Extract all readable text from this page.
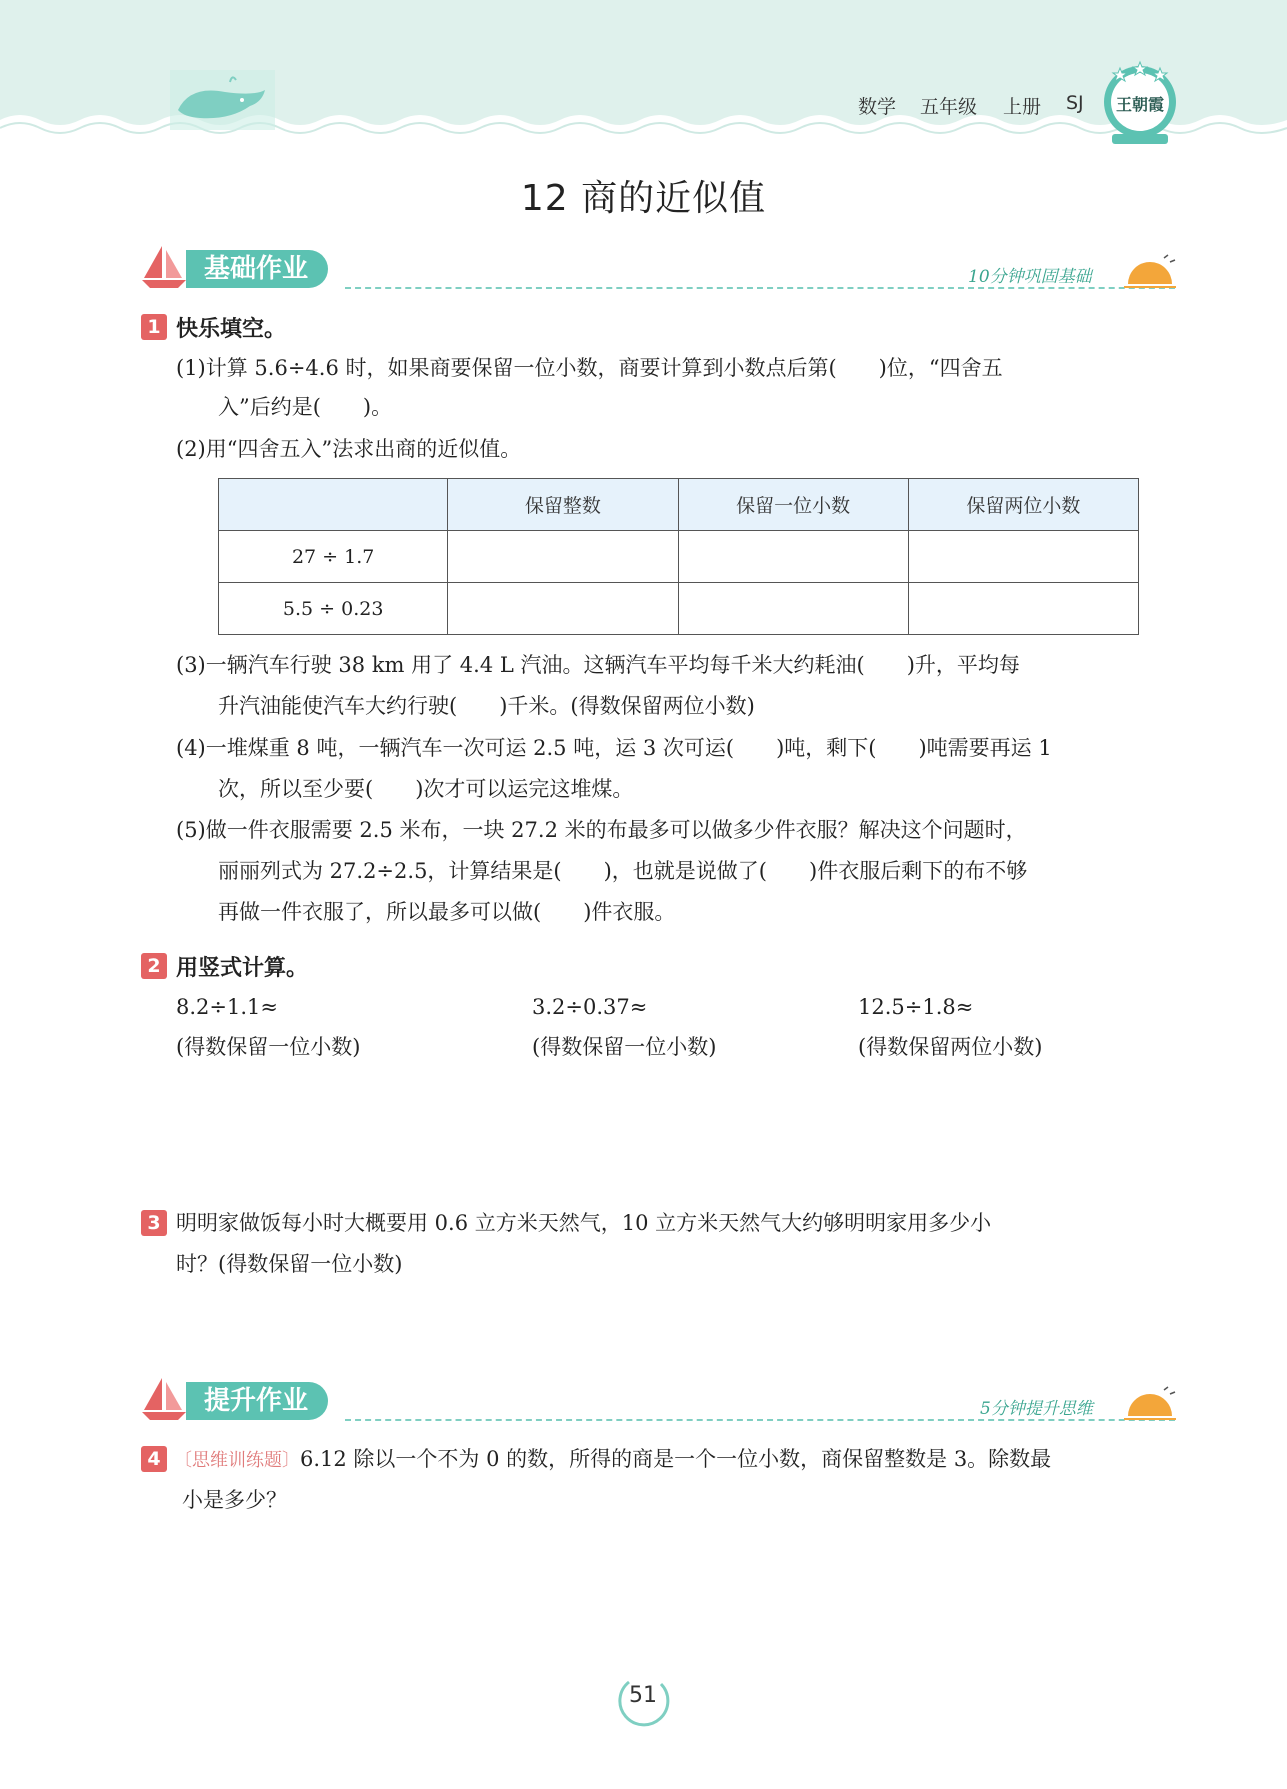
数学 五年级 上册 SJ 王朝霞
12 商的近似值
基础作业	10分钟巩固基础
1 快乐填空。
(1)计算 5.6÷4.6 时，如果商要保留一位小数，商要计算到小数点后第(　　)位，“四舍五
入”后约是(　　)。
(2)用“四舍五入”法求出商的近似值。
	保留整数	保留一位小数	保留两位小数
27 ÷ 1.7			
5.5 ÷ 0.23			
(3)一辆汽车行驶 38 km 用了 4.4 L 汽油。这辆汽车平均每千米大约耗油(　　)升，平均每
升汽油能使汽车大约行驶(　　)千米。(得数保留两位小数)
(4)一堆煤重 8 吨，一辆汽车一次可运 2.5 吨，运 3 次可运(　　)吨，剩下(　　)吨需要再运 1
次，所以至少要(　　)次才可以运完这堆煤。
(5)做一件衣服需要 2.5 米布，一块 27.2 米的布最多可以做多少件衣服？解决这个问题时，
丽丽列式为 27.2÷2.5，计算结果是(　　)，也就是说做了(　　)件衣服后剩下的布不够
再做一件衣服了，所以最多可以做(　　)件衣服。
2 用竖式计算。
8.2÷1.1≈
(得数保留一位小数)
3.2÷0.37≈
(得数保留一位小数)
12.5÷1.8≈
(得数保留两位小数)
3 明明家做饭每小时大概要用 0.6 立方米天然气，10 立方米天然气大约够明明家用多少小
时？(得数保留一位小数)
提升作业	5分钟提升思维
4 〔思维训练题〕6.12 除以一个不为 0 的数，所得的商是一个一位小数，商保留整数是 3。除数最
小是多少？
51
